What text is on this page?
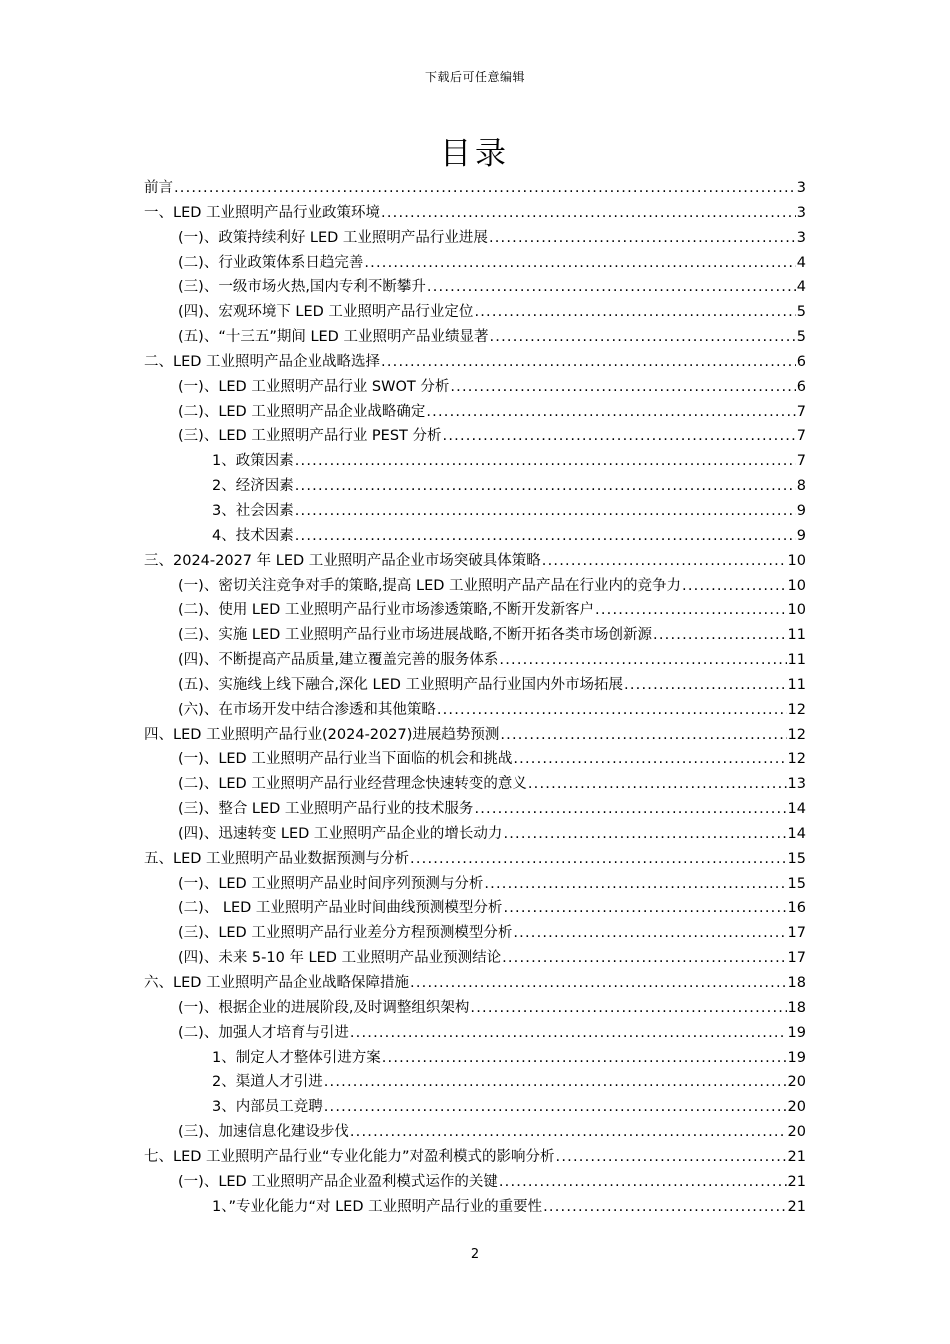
下载后可任意编辑
目录
前言 .....	3
一、LED 工业照明产品行业政策环境 .....	3
(一)、政策持续利好 LED 工业照明产品行业进展 .....	3
(二)、行业政策体系日趋完善 .....	4
(三)、一级市场火热,国内专利不断攀升 .....	4
(四)、宏观环境下 LED 工业照明产品行业定位 .....	5
(五)、“十三五”期间 LED 工业照明产品业绩显著 .....	5
二、LED 工业照明产品企业战略选择 .....	6
(一)、LED 工业照明产品行业 SWOT 分析 .....	6
(二)、LED 工业照明产品企业战略确定 .....	7
(三)、LED 工业照明产品行业 PEST 分析 .....	7
1、政策因素 .....	7
2、经济因素 .....	8
3、社会因素 .....	9
4、技术因素 .....	9
三、2024-2027 年 LED 工业照明产品企业市场突破具体策略 .....	10
(一)、密切关注竞争对手的策略,提高 LED 工业照明产品产品在行业内的竞争力 .....	10
(二)、使用 LED 工业照明产品行业市场渗透策略,不断开发新客户 .....	10
(三)、实施 LED 工业照明产品行业市场进展战略,不断开拓各类市场创新源 .....	11
(四)、不断提高产品质量,建立覆盖完善的服务体系 .....	11
(五)、实施线上线下融合,深化 LED 工业照明产品行业国内外市场拓展 .....	11
(六)、在市场开发中结合渗透和其他策略 .....	12
四、LED 工业照明产品行业(2024-2027)进展趋势预测 .....	12
(一)、LED 工业照明产品行业当下面临的机会和挑战 .....	12
(二)、LED 工业照明产品行业经营理念快速转变的意义 .....	13
(三)、整合 LED 工业照明产品行业的技术服务 .....	14
(四)、迅速转变 LED 工业照明产品企业的增长动力 .....	14
五、LED 工业照明产品业数据预测与分析 .....	15
(一)、LED 工业照明产品业时间序列预测与分析 .....	15
(二)、 LED 工业照明产品业时间曲线预测模型分析 .....	16
(三)、LED 工业照明产品行业差分方程预测模型分析 .....	17
(四)、未来 5-10 年 LED 工业照明产品业预测结论 .....	17
六、LED 工业照明产品企业战略保障措施 .....	18
(一)、根据企业的进展阶段,及时调整组织架构 .....	18
(二)、加强人才培育与引进 .....	19
1、制定人才整体引进方案 .....	19
2、渠道人才引进 .....	20
3、内部员工竞聘 .....	20
(三)、加速信息化建设步伐 .....	20
七、LED 工业照明产品行业“专业化能力”对盈利模式的影响分析 .....	21
(一)、LED 工业照明产品企业盈利模式运作的关键 .....	21
1、”专业化能力“对 LED 工业照明产品行业的重要性 .....	21
2
